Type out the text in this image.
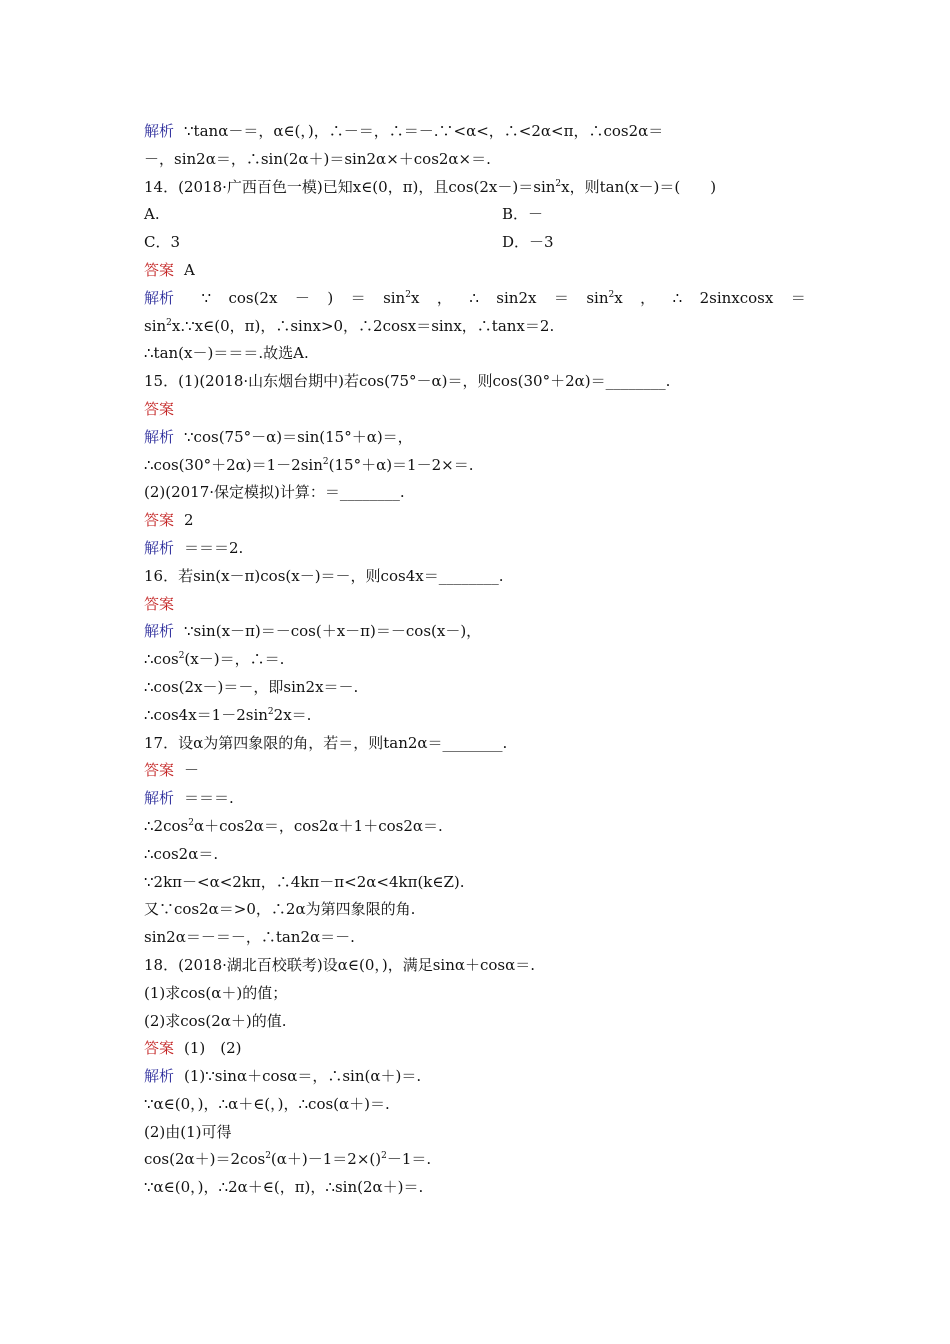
解析 ∵tanα－＝，α∈(，)，∴－＝，∴＝－.∵<α<，∴<2α<π，∴cos2α＝
－，sin2α＝，∴sin(2α＋)＝sin2α×＋cos2α×＝.
14．(2018·广西百色一模)已知x∈(0，π)，且$\cos(2x-)=\sin^2x$，则tan(x－)＝(　　)
A.	B．－
C．3	D．－3
答案 A
解析 ∵ cos(2x － ) ＝ $\sin^2x$ ， ∴ $\sin 2x = \sin^2x$ ， ∴ 2sinxcosx ＝
$\sin^2x.\because x\in(0$，π)，∴sinx>0，∴2cosx＝sinx，∴tanx＝2.
∴tan(x－)＝＝＝.故选A.
15．(1)(2018·山东烟台期中)若cos(75°－α)＝，则cos(30°＋2α)＝________.
答案
解析 ∵cos(75°－α)＝sin(15°＋α)＝，
$\therefore\cos(30^\circ+2\alpha)=1-2\sin^2(15^\circ+\alpha)=1-2\times=$.
(2)(2017·保定模拟)计算：＝________.
答案 2
解析 ＝＝＝2.
16．若sin(x－π)cos(x－)＝－，则cos4x＝________.
答案
解析 ∵sin(x－π)＝－cos(＋x－π)＝－cos(x－)，
$\therefore\cos^2(x-)=$，∴＝.
∴cos(2x－)＝－，即sin2x＝－.
$\therefore\cos 4x=1-2\sin^22x=$.
17．设α为第四象限的角，若＝，则tan2α＝________.
答案 －
解析 ＝＝＝.
$\therefore 2\cos^2\alpha+\cos 2\alpha=$，cos2α＋1＋cos2α＝.
∴cos2α＝.
∵2kπ－<α<2kπ，∴4kπ－π<2α<4kπ(k∈Z).
又∵cos2α＝>0，∴2α为第四象限的角.
sin2α＝－＝－，∴tan2α＝－.
18．(2018·湖北百校联考)设α∈(0，)，满足sinα＋cosα＝.
(1)求cos(α＋)的值；
(2)求cos(2α＋)的值.
答案 (1)　(2)
解析 (1)∵sinα＋cosα＝，∴sin(α＋)＝.
∵α∈(0，)，∴α＋∈(，)，∴cos(α＋)＝.
(2)由(1)可得
$\cos(2\alpha+)=2\cos^2(\alpha+)-1=2\times()^2-1=$.
∵α∈(0，)，∴2α＋∈(，π)，∴sin(2α＋)＝.
